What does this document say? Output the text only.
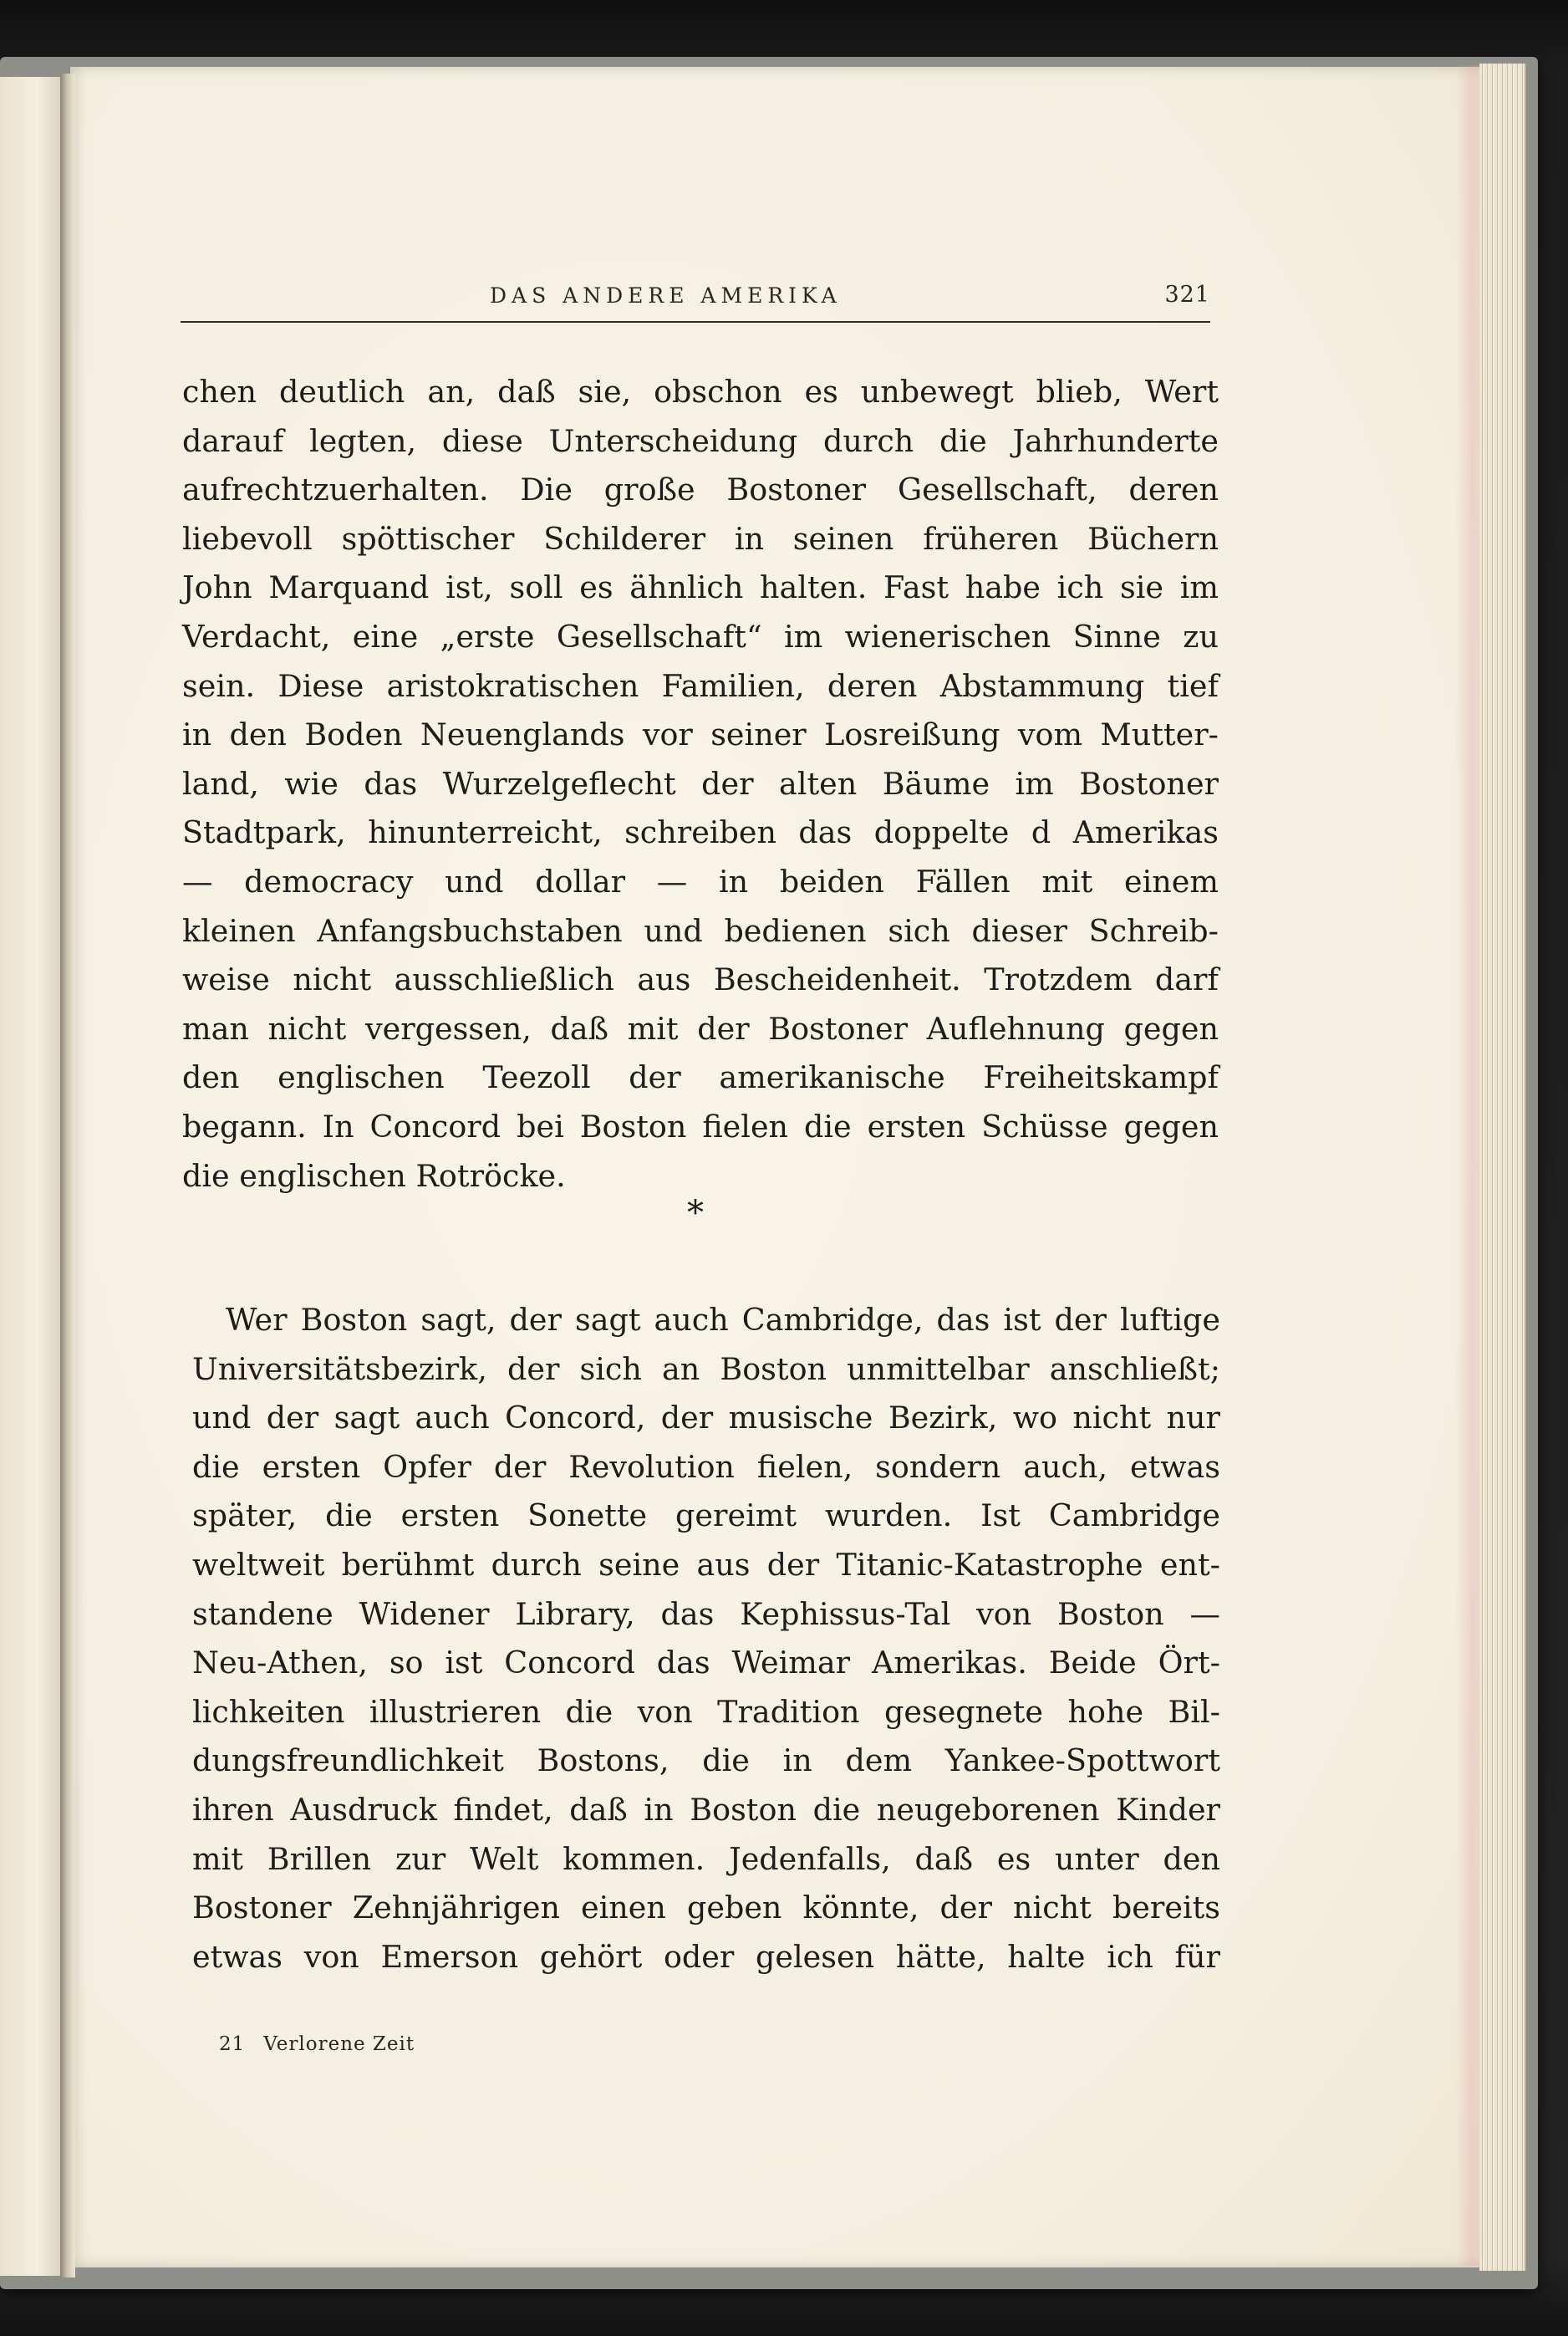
DAS ANDERE AMERIKA	321
chen deutlich an, daß sie, obschon es unbewegt blieb, Wert
darauf legten, diese Unterscheidung durch die Jahrhunderte
aufrechtzuerhalten. Die große Bostoner Gesellschaft, deren
liebevoll spöttischer Schilderer in seinen früheren Büchern
John Marquand ist, soll es ähnlich halten. Fast habe ich sie im
Verdacht, eine „erste Gesellschaft“ im wienerischen Sinne zu
sein. Diese aristokratischen Familien, deren Abstammung tief
in den Boden Neuenglands vor seiner Losreißung vom Mutter-
land, wie das Wurzelgeflecht der alten Bäume im Bostoner
Stadtpark, hinunterreicht, schreiben das doppelte d Amerikas
— democracy und dollar — in beiden Fällen mit einem
kleinen Anfangsbuchstaben und bedienen sich dieser Schreib-
weise nicht ausschließlich aus Bescheidenheit. Trotzdem darf
man nicht vergessen, daß mit der Bostoner Auflehnung gegen
den englischen Teezoll der amerikanische Freiheitskampf
begann. In Concord bei Boston fielen die ersten Schüsse gegen
die englischen Rotröcke.
*
Wer Boston sagt, der sagt auch Cambridge, das ist der luftige
Universitätsbezirk, der sich an Boston unmittelbar anschließt;
und der sagt auch Concord, der musische Bezirk, wo nicht nur
die ersten Opfer der Revolution fielen, sondern auch, etwas
später, die ersten Sonette gereimt wurden. Ist Cambridge
weltweit berühmt durch seine aus der Titanic-Katastrophe ent-
standene Widener Library, das Kephissus-Tal von Boston —
Neu-Athen, so ist Concord das Weimar Amerikas. Beide Ört-
lichkeiten illustrieren die von Tradition gesegnete hohe Bil-
dungsfreundlichkeit Bostons, die in dem Yankee-Spottwort
ihren Ausdruck findet, daß in Boston die neugeborenen Kinder
mit Brillen zur Welt kommen. Jedenfalls, daß es unter den
Bostoner Zehnjährigen einen geben könnte, der nicht bereits
etwas von Emerson gehört oder gelesen hätte, halte ich für
21 Verlorene Zeit
